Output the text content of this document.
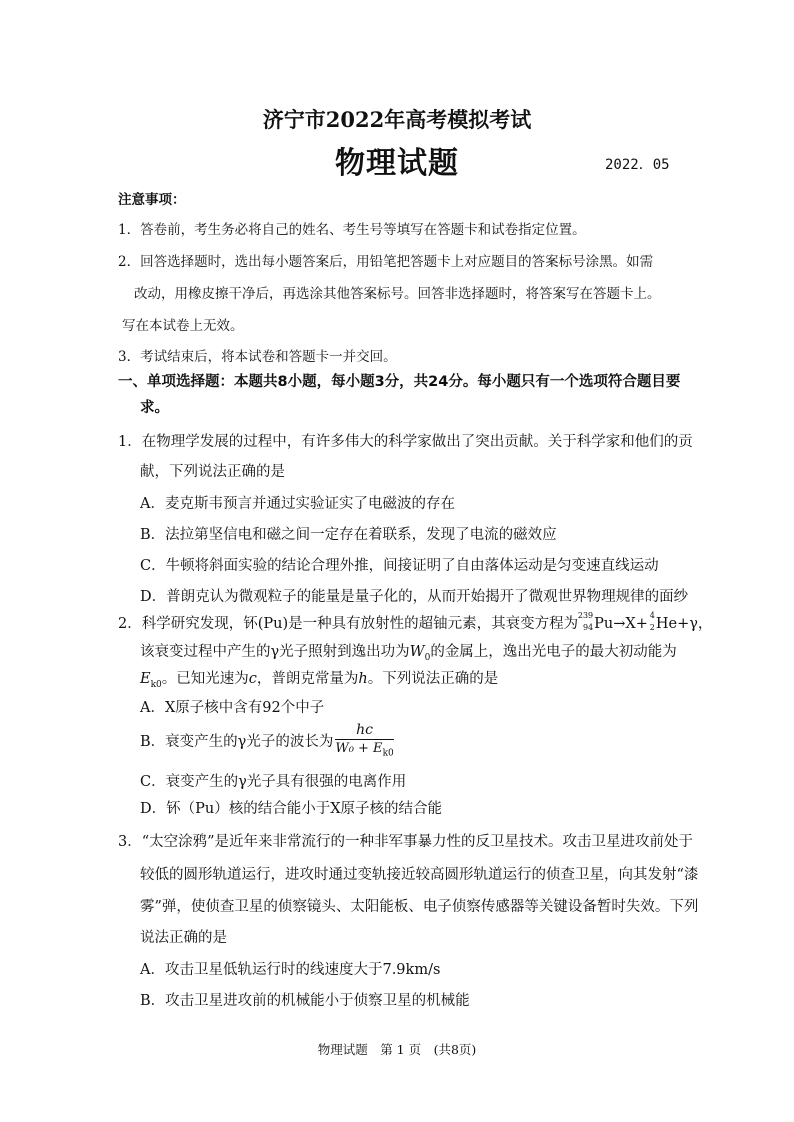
济宁市2022年高考模拟考试
物理试题	2022．05
注意事项：
1．答卷前，考生务必将自己的姓名、考生号等填写在答题卡和试卷指定位置。
2．回答选择题时，选出每小题答案后，用铅笔把答题卡上对应题目的答案标号涂黑。如需
改动，用橡皮擦干净后，再选涂其他答案标号。回答非选择题时，将答案写在答题卡上。
写在本试卷上无效。
3．考试结束后，将本试卷和答题卡一并交回。
一、单项选择题：本题共8小题，每小题3分，共24分。每小题只有一个选项符合题目要
求。
1．在物理学发展的过程中，有许多伟大的科学家做出了突出贡献。关于科学家和他们的贡
献，下列说法正确的是
A．麦克斯韦预言并通过实验证实了电磁波的存在
B．法拉第坚信电和磁之间一定存在着联系，发现了电流的磁效应
C．牛顿将斜面实验的结论合理外推，间接证明了自由落体运动是匀变速直线运动
D．普朗克认为微观粒子的能量是量子化的，从而开始揭开了微观世界物理规律的面纱
2．科学研究发现，钚(Pu)是一种具有放射性的超铀元素，其衰变方程为
239
94 Pu→X+
4
2 He+γ，
该衰变过程中产生的γ光子照射到逸出功为$W_0$的金属上，逸出光电子的最大初动能为
$E_{k0}$。已知光速为c，普朗克常量为h。下列说法正确的是
A．X原子核中含有92个中子
B．衰变产生的γ光子的波长为 $\frac{hc}{W_0 + E_{k0}}$
C．衰变产生的γ光子具有很强的电离作用
D．钚（Pu）核的结合能小于X原子核的结合能
3．“太空涂鸦”是近年来非常流行的一种非军事暴力性的反卫星技术。攻击卫星进攻前处于
较低的圆形轨道运行，进攻时通过变轨接近较高圆形轨道运行的侦查卫星，向其发射“漆
雾”弹，使侦查卫星的侦察镜头、太阳能板、电子侦察传感器等关键设备暂时失效。下列
说法正确的是
A．攻击卫星低轨运行时的线速度大于7.9km/s
B．攻击卫星进攻前的机械能小于侦察卫星的机械能
物理试题　第 1 页　(共8页)
